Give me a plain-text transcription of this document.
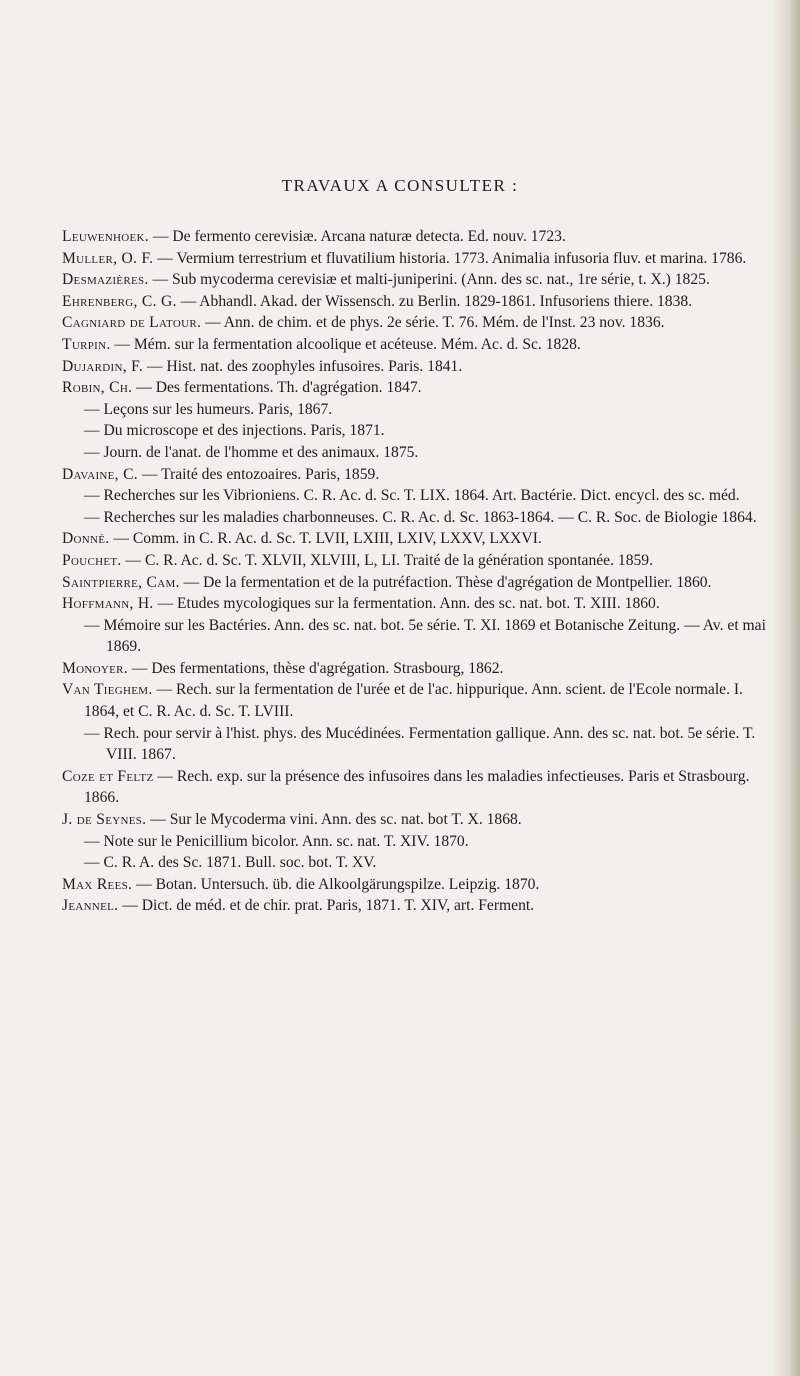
TRAVAUX A CONSULTER :

Leuwenhoek. — De fermento cerevisiæ. Arcana naturæ detecta. Ed. nouv. 1723.

Muller, O. F. — Vermium terrestrium et fluvatilium historia. 1773. Animalia infusoria fluv. et marina. 1786.

Desmazières. — Sub mycoderma cerevisiæ et malti-juniperini. (Ann. des sc. nat., 1re série, t. X.) 1825.

Ehrenberg, C. G. — Abhandl. Akad. der Wissensch. zu Berlin. 1829-1861. Infusoriens thiere. 1838.

Cagniard de Latour. — Ann. de chim. et de phys. 2e série. T. 76. Mém. de l'Inst. 23 nov. 1836.

Turpin. — Mém. sur la fermentation alcoolique et acéteuse. Mém. Ac. d. Sc. 1828.

Dujardin, F. — Hist. nat. des zoophyles infusoires. Paris. 1841.

Robin, Ch. — Des fermentations. Th. d'agrégation. 1847.

— Leçons sur les humeurs. Paris, 1867.

— Du microscope et des injections. Paris, 1871.

— Journ. de l'anat. de l'homme et des animaux. 1875.

Davaine, C. — Traité des entozoaires. Paris, 1859.

— Recherches sur les Vibrioniens. C. R. Ac. d. Sc. T. LIX. 1864. Art. Bactérie. Dict. encycl. des sc. méd.

— Recherches sur les maladies charbonneuses. C. R. Ac. d. Sc. 1863-1864. — C. R. Soc. de Biologie 1864.

Donné. — Comm. in C. R. Ac. d. Sc. T. LVII, LXIII, LXIV, LXXV, LXXVI.

Pouchet. — C. R. Ac. d. Sc. T. XLVII, XLVIII, L, LI. Traité de la génération spontanée. 1859.

Saintpierre, Cam. — De la fermentation et de la putréfaction. Thèse d'agrégation de Montpellier. 1860.

Hoffmann, H. — Etudes mycologiques sur la fermentation. Ann. des sc. nat. bot. T. XIII. 1860.

— Mémoire sur les Bactéries. Ann. des sc. nat. bot. 5e série. T. XI. 1869 et Botanische Zeitung. — Av. et mai 1869.

Monoyer. — Des fermentations, thèse d'agrégation. Strasbourg, 1862.

Van Tieghem. — Rech. sur la fermentation de l'urée et de l'ac. hippurique. Ann. scient. de l'Ecole normale. I. 1864, et C. R. Ac. d. Sc. T. LVIII.

— Rech. pour servir à l'hist. phys. des Mucédinées. Fermentation gallique. Ann. des sc. nat. bot. 5e série. T. VIII. 1867.

Coze et Feltz — Rech. exp. sur la présence des infusoires dans les maladies infectieuses. Paris et Strasbourg. 1866.

J. de Seynes. — Sur le Mycoderma vini. Ann. des sc. nat. bot T. X. 1868.

— Note sur le Penicillium bicolor. Ann. sc. nat. T. XIV. 1870.

— C. R. A. des Sc. 1871. Bull. soc. bot. T. XV.

Max Rees. — Botan. Untersuch. üb. die Alkoolgärungspilze. Leipzig. 1870.

Jeannel. — Dict. de méd. et de chir. prat. Paris, 1871. T. XIV, art. Ferment.
